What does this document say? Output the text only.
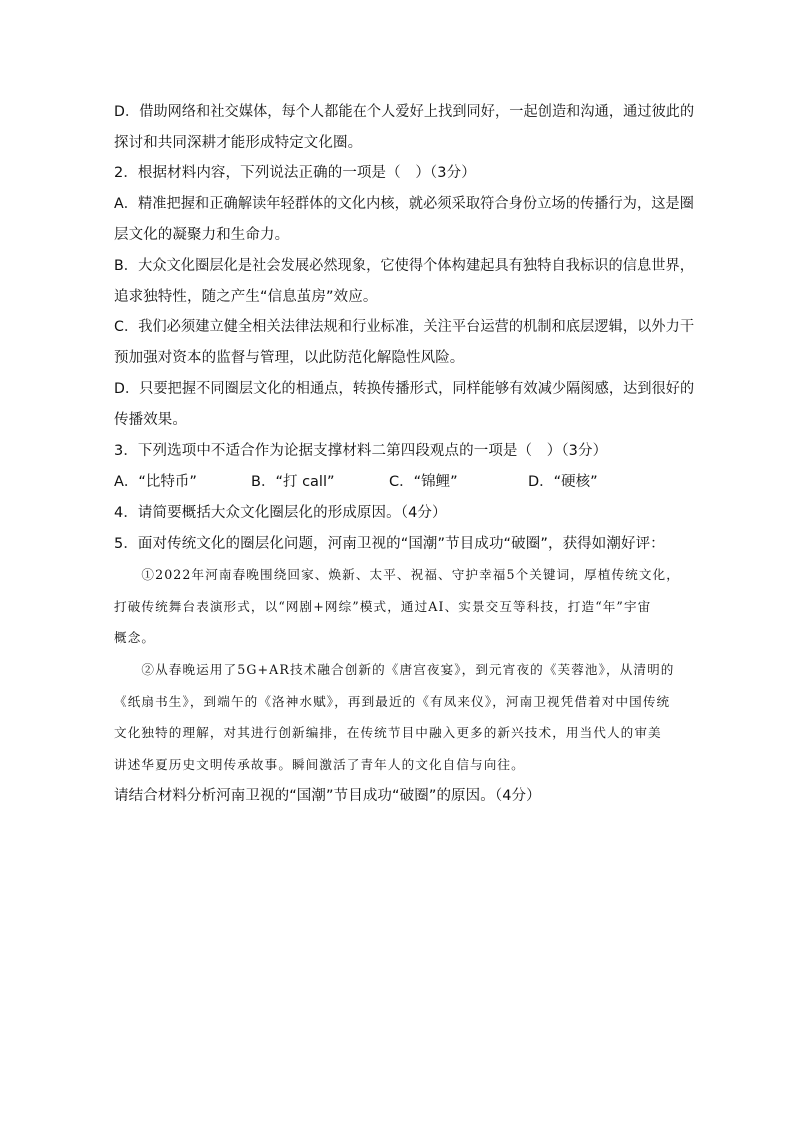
D．借助网络和社交媒体，每个人都能在个人爱好上找到同好，一起创造和沟通，通过彼此的
探讨和共同深耕才能形成特定文化圈。
2．根据材料内容，下列说法正确的一项是（　）（3分）
A．精准把握和正确解读年轻群体的文化内核，就必须采取符合身份立场的传播行为，这是圈
层文化的凝聚力和生命力。
B．大众文化圈层化是社会发展必然现象，它使得个体构建起具有独特自我标识的信息世界，
追求独特性，随之产生“信息茧房”效应。
C．我们必须建立健全相关法律法规和行业标准，关注平台运营的机制和底层逻辑，以外力干
预加强对资本的监督与管理，以此防范化解隐性风险。
D．只要把握不同圈层文化的相通点，转换传播形式，同样能够有效减少隔阂感，达到很好的
传播效果。
3．下列选项中不适合作为论据支撑材料二第四段观点的一项是（　）（3分）
A．“比特币”	B．“打 call”	C．“锦鲤”	D．“硬核”
4．请简要概括大众文化圈层化的形成原因。（4分）
5．面对传统文化的圈层化问题，河南卫视的“国潮”节目成功“破圈”，获得如潮好评：
　　①2022年河南春晚围绕回家、焕新、太平、祝福、守护幸福5个关键词，厚植传统文化，
打破传统舞台表演形式，以“网剧+网综”模式，通过AI、实景交互等科技，打造“年”宇宙
概念。
　　②从春晚运用了5G+AR技术融合创新的《唐宫夜宴》，到元宵夜的《芙蓉池》，从清明的
《纸扇书生》，到端午的《洛神水赋》，再到最近的《有凤来仪》，河南卫视凭借着对中国传统
文化独特的理解，对其进行创新编排，在传统节目中融入更多的新兴技术，用当代人的审美
讲述华夏历史文明传承故事。瞬间激活了青年人的文化自信与向往。
请结合材料分析河南卫视的“国潮”节目成功“破圈”的原因。（4分）
